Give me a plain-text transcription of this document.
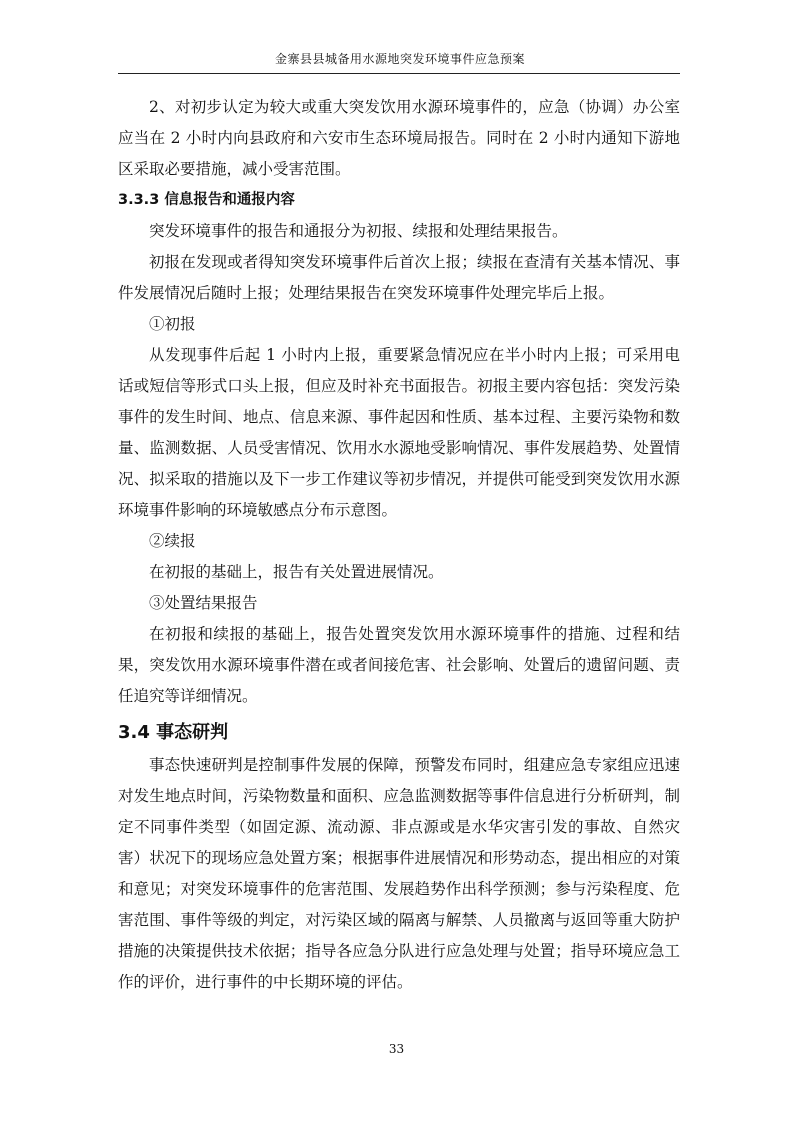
金寨县县城备用水源地突发环境事件应急预案

2、对初步认定为较大或重大突发饮用水源环境事件的，应急（协调）办公室应当在 2 小时内向县政府和六安市生态环境局报告。同时在 2 小时内通知下游地区采取必要措施，减小受害范围。

3.3.3 信息报告和通报内容

突发环境事件的报告和通报分为初报、续报和处理结果报告。

初报在发现或者得知突发环境事件后首次上报；续报在查清有关基本情况、事件发展情况后随时上报；处理结果报告在突发环境事件处理完毕后上报。

①初报

从发现事件后起 1 小时内上报，重要紧急情况应在半小时内上报；可采用电话或短信等形式口头上报，但应及时补充书面报告。初报主要内容包括：突发污染事件的发生时间、地点、信息来源、事件起因和性质、基本过程、主要污染物和数量、监测数据、人员受害情况、饮用水水源地受影响情况、事件发展趋势、处置情况、拟采取的措施以及下一步工作建议等初步情况，并提供可能受到突发饮用水源环境事件影响的环境敏感点分布示意图。

②续报

在初报的基础上，报告有关处置进展情况。

③处置结果报告

在初报和续报的基础上，报告处置突发饮用水源环境事件的措施、过程和结果，突发饮用水源环境事件潜在或者间接危害、社会影响、处置后的遗留问题、责任追究等详细情况。

3.4 事态研判

事态快速研判是控制事件发展的保障，预警发布同时，组建应急专家组应迅速对发生地点时间，污染物数量和面积、应急监测数据等事件信息进行分析研判，制定不同事件类型（如固定源、流动源、非点源或是水华灾害引发的事故、自然灾害）状况下的现场应急处置方案；根据事件进展情况和形势动态，提出相应的对策和意见；对突发环境事件的危害范围、发展趋势作出科学预测；参与污染程度、危害范围、事件等级的判定，对污染区域的隔离与解禁、人员撤离与返回等重大防护措施的决策提供技术依据；指导各应急分队进行应急处理与处置；指导环境应急工作的评价，进行事件的中长期环境的评估。

33
